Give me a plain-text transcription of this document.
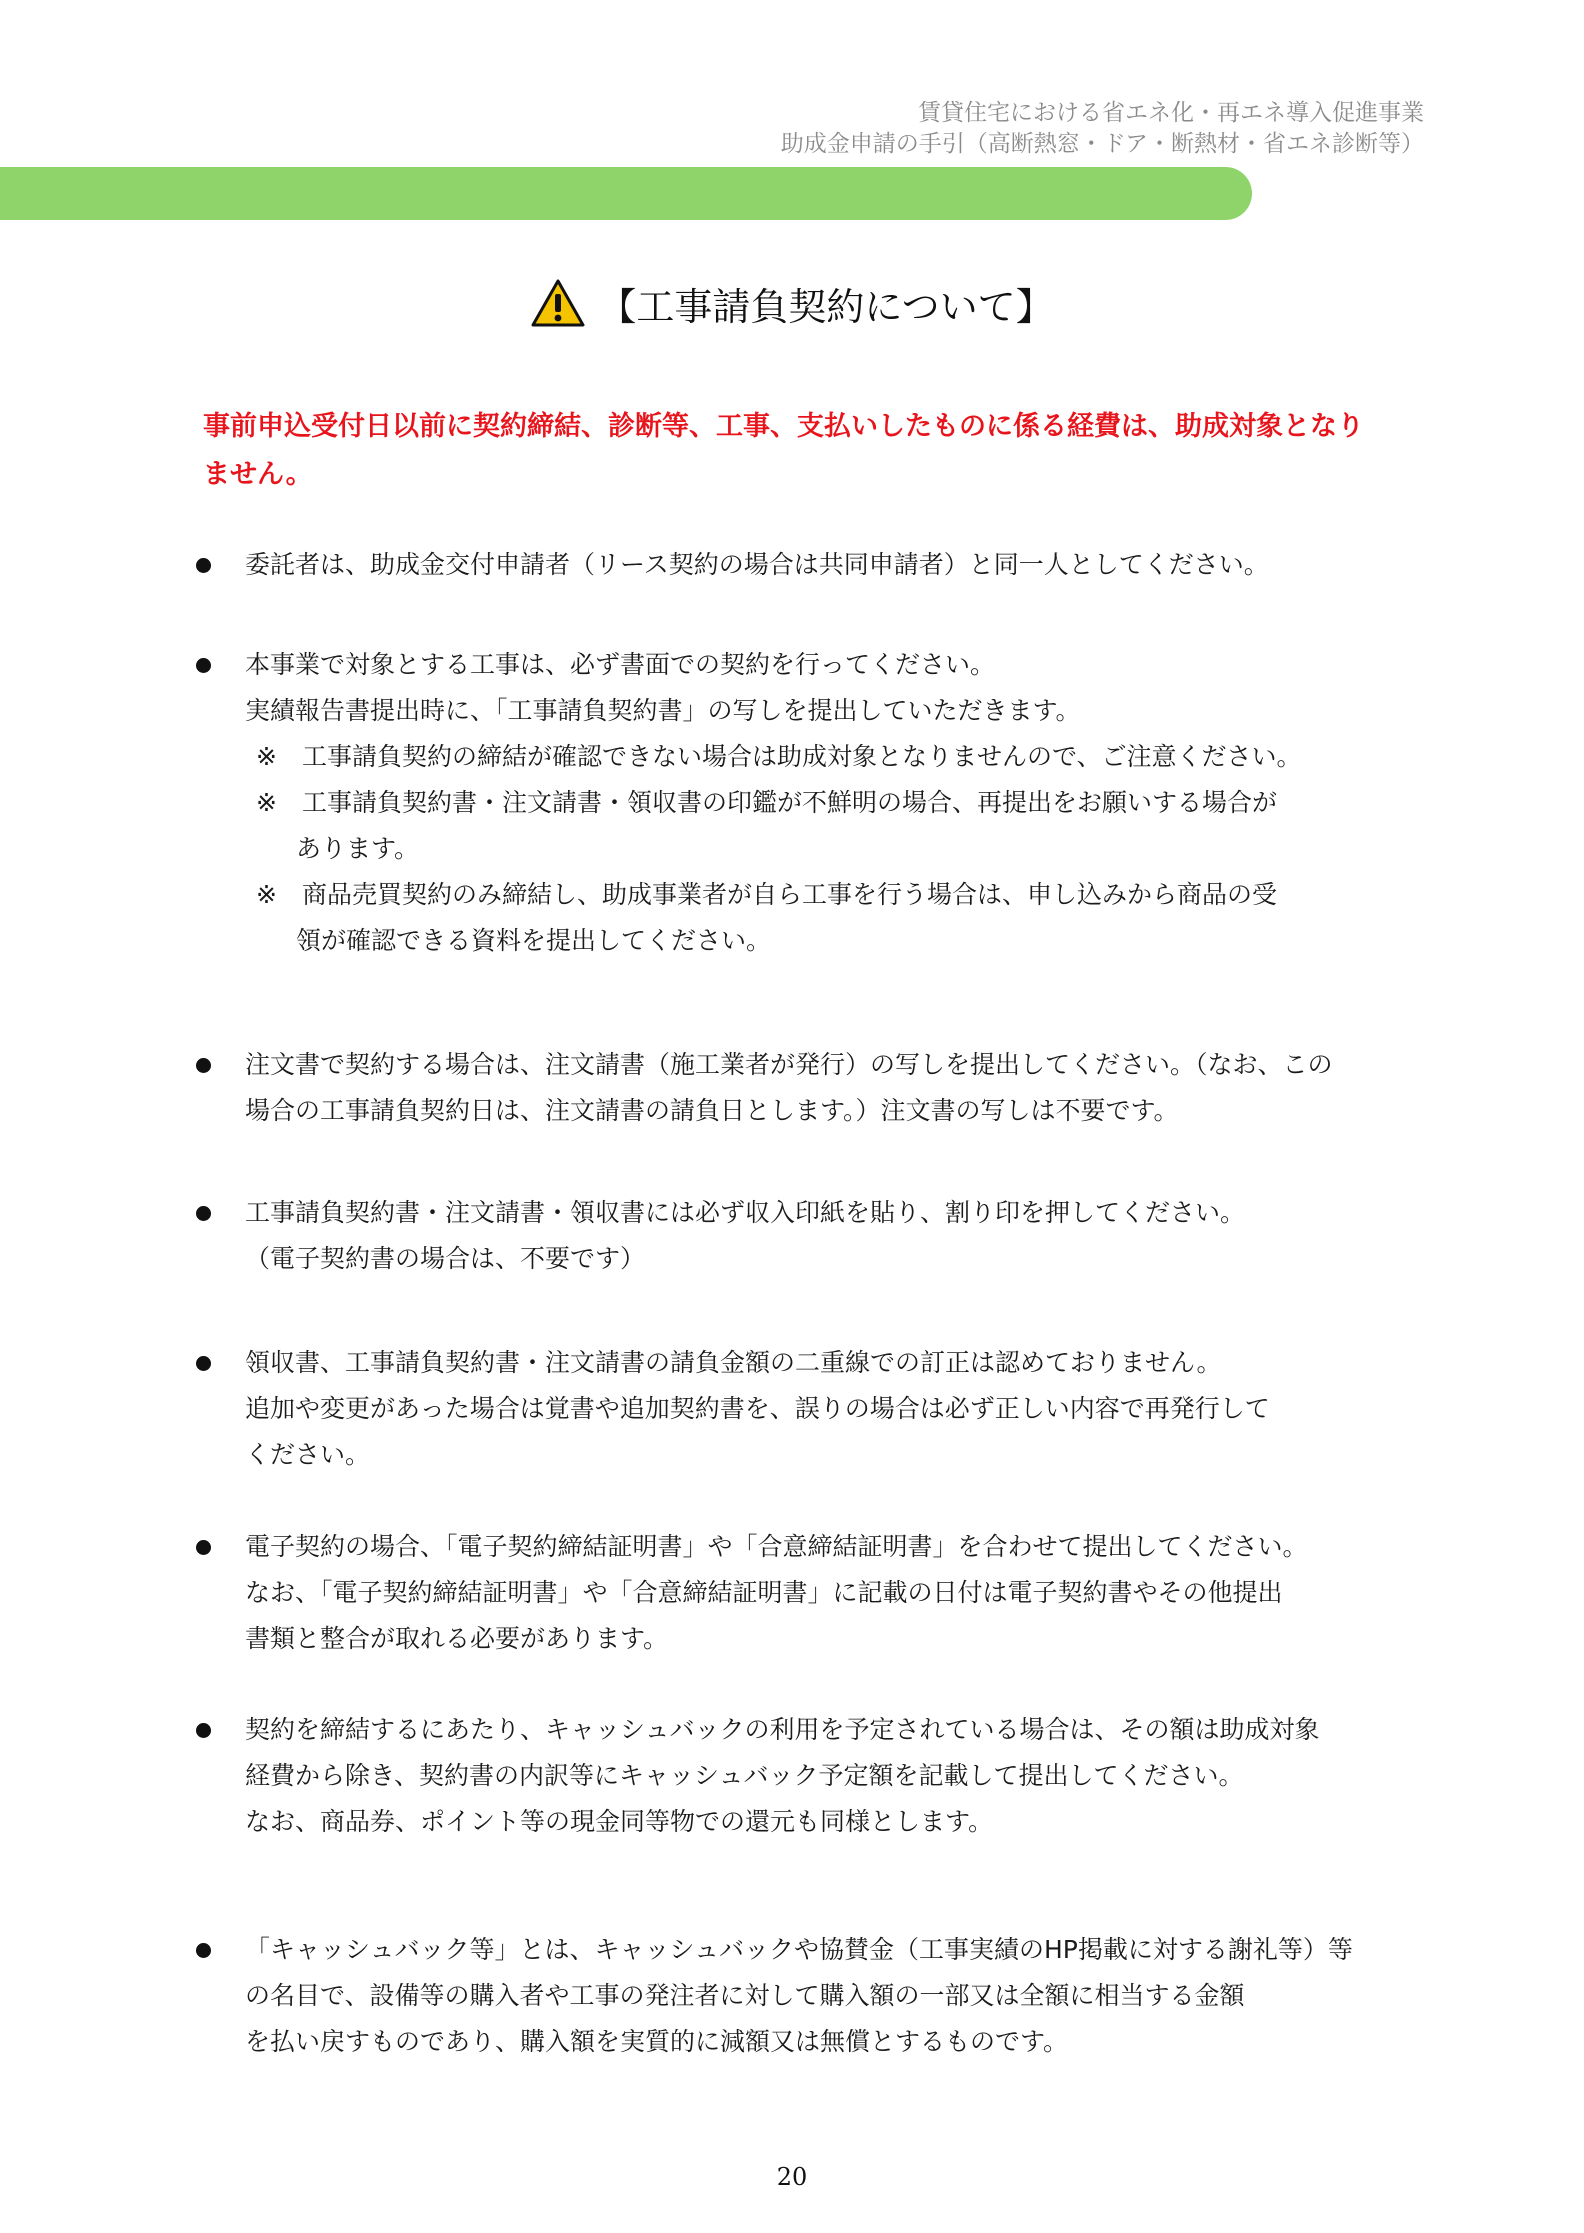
賃貸住宅における省エネ化・再エネ導入促進事業
助成金申請の手引（高断熱窓・ドア・断熱材・省エネ診断等）
【工事請負契約について】
事前申込受付日以前に契約締結、診断等、工事、支払いしたものに係る経費は、助成対象となり
ません。
委託者は、助成金交付申請者（リース契約の場合は共同申請者）と同一人としてください。
本事業で対象とする工事は、必ず書面での契約を行ってください。
実績報告書提出時に、「工事請負契約書」の写しを提出していただきます。
※ 工事請負契約の締結が確認できない場合は助成対象となりませんので、ご注意ください。
※ 工事請負契約書・注文請書・領収書の印鑑が不鮮明の場合、再提出をお願いする場合が
あります。
※ 商品売買契約のみ締結し、助成事業者が自ら工事を行う場合は、申し込みから商品の受
領が確認できる資料を提出してください。
注文書で契約する場合は、注文請書（施工業者が発行）の写しを提出してください。（なお、この
場合の工事請負契約日は、注文請書の請負日とします。）注文書の写しは不要です。
工事請負契約書・注文請書・領収書には必ず収入印紙を貼り、割り印を押してください。
（電子契約書の場合は、不要です）
領収書、工事請負契約書・注文請書の請負金額の二重線での訂正は認めておりません。
追加や変更があった場合は覚書や追加契約書を、誤りの場合は必ず正しい内容で再発行して
ください。
電子契約の場合、「電子契約締結証明書」や「合意締結証明書」を合わせて提出してください。
なお、「電子契約締結証明書」や「合意締結証明書」に記載の日付は電子契約書やその他提出
書類と整合が取れる必要があります。
契約を締結するにあたり、キャッシュバックの利用を予定されている場合は、その額は助成対象
経費から除き、契約書の内訳等にキャッシュバック予定額を記載して提出してください。
なお、商品券、ポイント等の現金同等物での還元も同様とします。
「キャッシュバック等」とは、キャッシュバックや協賛金（工事実績のHP掲載に対する謝礼等）等
の名目で、設備等の購入者や工事の発注者に対して購入額の一部又は全額に相当する金額
を払い戻すものであり、購入額を実質的に減額又は無償とするものです。
20
